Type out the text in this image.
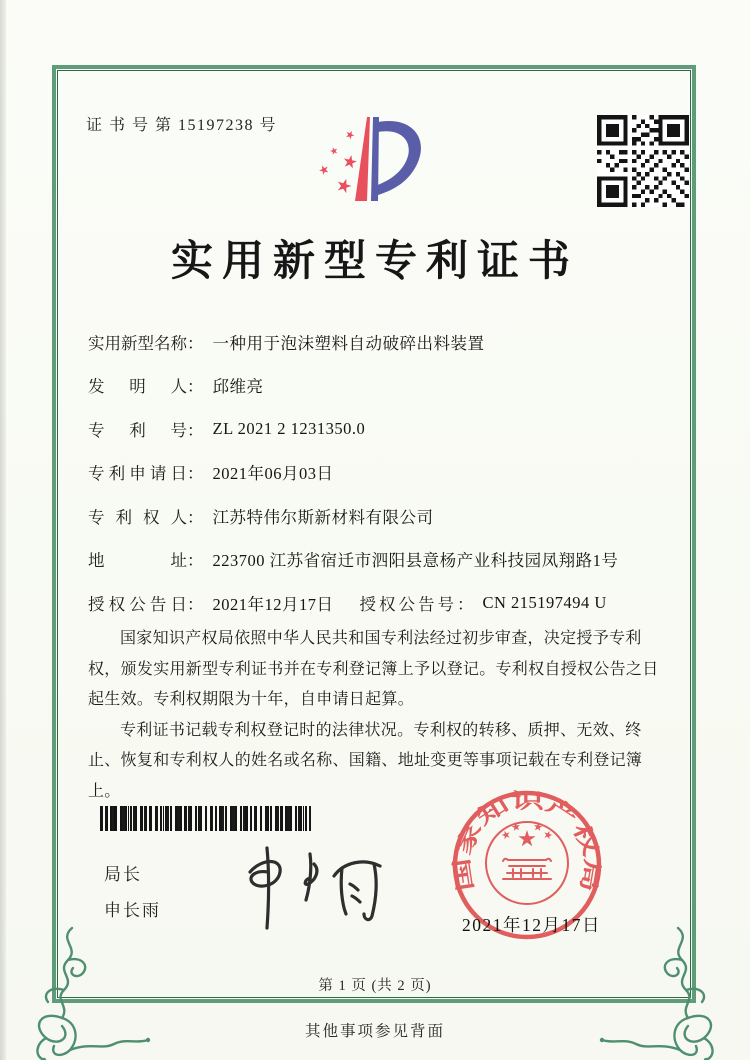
证 书 号 第 15197238 号
实用新型专利证书
实用新型名称 ： 一种用于泡沫塑料自动破碎出料装置
发明人 ： 邱维亮
专利号 ： ZL 2021 2 1231350.0
专利申请日 ： 2021年06月03日
专利权人 ： 江苏特伟尔斯新材料有限公司
地址 ： 223700 江苏省宿迁市泗阳县意杨产业科技园凤翔路1号
授权公告日 ： 2021年12月17日 授权公告号 ： CN 215197494 U

国家知识产权局依照中华人民共和国专利法经过初步审查，决定授予专利权，颁发实用新型专利证书并在专利登记簿上予以登记。专利权自授权公告之日起生效。专利权期限为十年，自申请日起算。

专利证书记载专利权登记时的法律状况。专利权的转移、质押、无效、终止、恢复和专利权人的姓名或名称、国籍、地址变更等事项记载在专利登记簿上。

局长
申长雨
国家知识产权局
2021年12月17日
第 1 页 (共 2 页)
其他事项参见背面
